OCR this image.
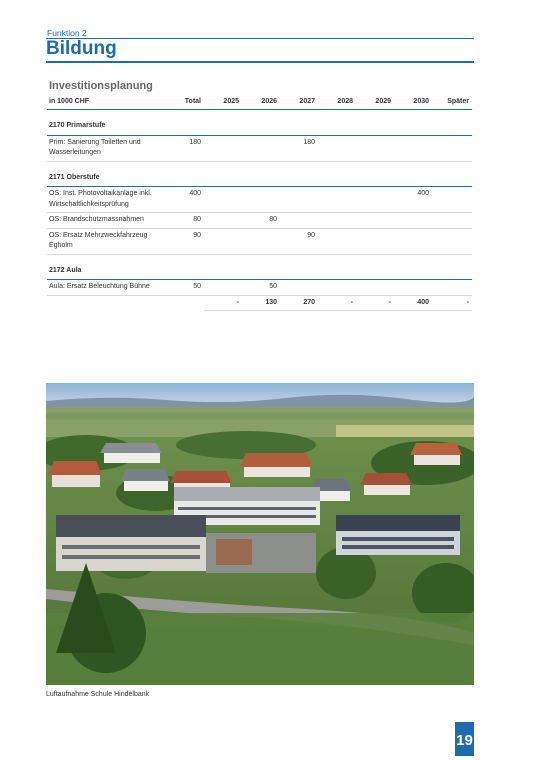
Funktion 2
Bildung
Investitionsplanung
in 1000 CHF	Total	2025	2026	2027	2028	2029	2030	Später

2170 Primarstufe								
Prim: Sanierung Toiletten und Wasserleitungen	180			180				

2171 Oberstufe								
OS: Inst. Photovoltaikanlage inkl. Wirtschaftlichkeitsprüfung	400						400	
OS: Brandschutzmassnahmen	80		80					
OS: Ersatz Mehrzweckfahrzeug Egholm	90			90				

2172 Aula								
Aula: Ersatz Beleuchtung Bühne	50		50					
		-	130	270	-	-	400	-
Luftaufnahme Schule Hindelbank
19
